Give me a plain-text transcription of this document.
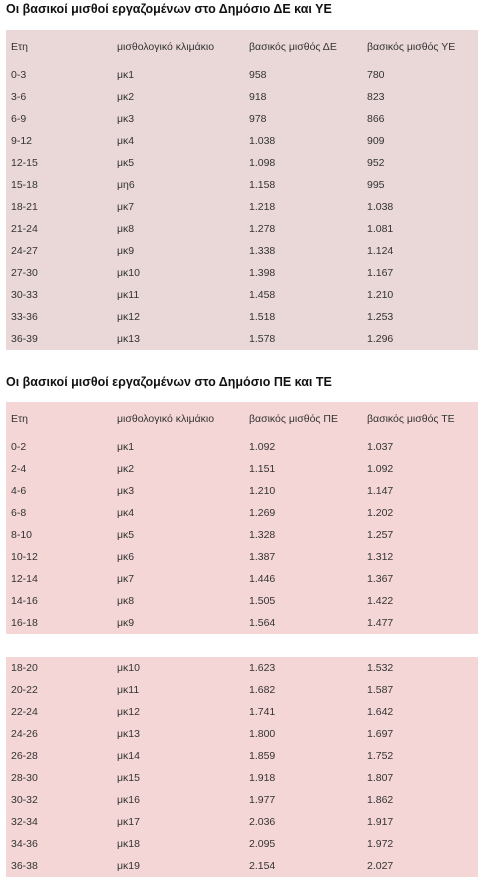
Οι βασικοί μισθοί εργαζομένων στο Δημόσιο ΔΕ και ΥΕ
Ετη	μισθολογικό κλιμάκιο	βασικός μισθός ΔΕ	βασικός μισθός ΥΕ
0-3	μκ1	958	780
3-6	μκ2	918	823
6-9	μκ3	978	866
9-12	μκ4	1.038	909
12-15	μκ5	1.098	952
15-18	μη6	1.158	995
18-21	μκ7	1.218	1.038
21-24	μκ8	1.278	1.081
24-27	μκ9	1.338	1.124
27-30	μκ10	1.398	1.167
30-33	μκ11	1.458	1.210
33-36	μκ12	1.518	1.253
36-39	μκ13	1.578	1.296
Οι βασικοί μισθοί εργαζομένων στο Δημόσιο ΠΕ και ΤΕ
Ετη	μισθολογικό κλιμάκιο	βασικός μισθός ΠΕ	βασικός μισθός ΤΕ
0-2	μκ1	1.092	1.037
2-4	μκ2	1.151	1.092
4-6	μκ3	1.210	1.147
6-8	μκ4	1.269	1.202
8-10	μκ5	1.328	1.257
10-12	μκ6	1.387	1.312
12-14	μκ7	1.446	1.367
14-16	μκ8	1.505	1.422
16-18	μκ9	1.564	1.477
18-20	μκ10	1.623	1.532
20-22	μκ11	1.682	1.587
22-24	μκ12	1.741	1.642
24-26	μκ13	1.800	1.697
26-28	μκ14	1.859	1.752
28-30	μκ15	1.918	1.807
30-32	μκ16	1.977	1.862
32-34	μκ17	2.036	1.917
34-36	μκ18	2.095	1.972
36-38	μκ19	2.154	2.027
